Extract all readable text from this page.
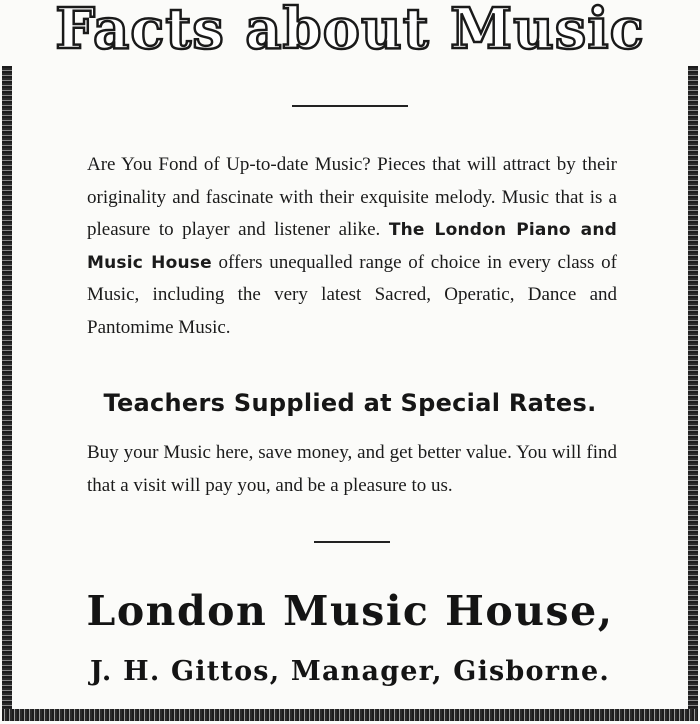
Facts about Music
Are You Fond of Up-to-date Music? Pieces that will attract by their originality and fascinate with their exquisite melody. Music that is a pleasure to player and listener alike. The London Piano and Music House offers unequalled range of choice in every class of Music, including the very latest Sacred, Operatic, Dance and Pantomime Music.
Teachers Supplied at Special Rates.
Buy your Music here, save money, and get better value. You will find that a visit will pay you, and be a pleasure to us.
London Music House,
J. H. Gittos, Manager, Gisborne.
